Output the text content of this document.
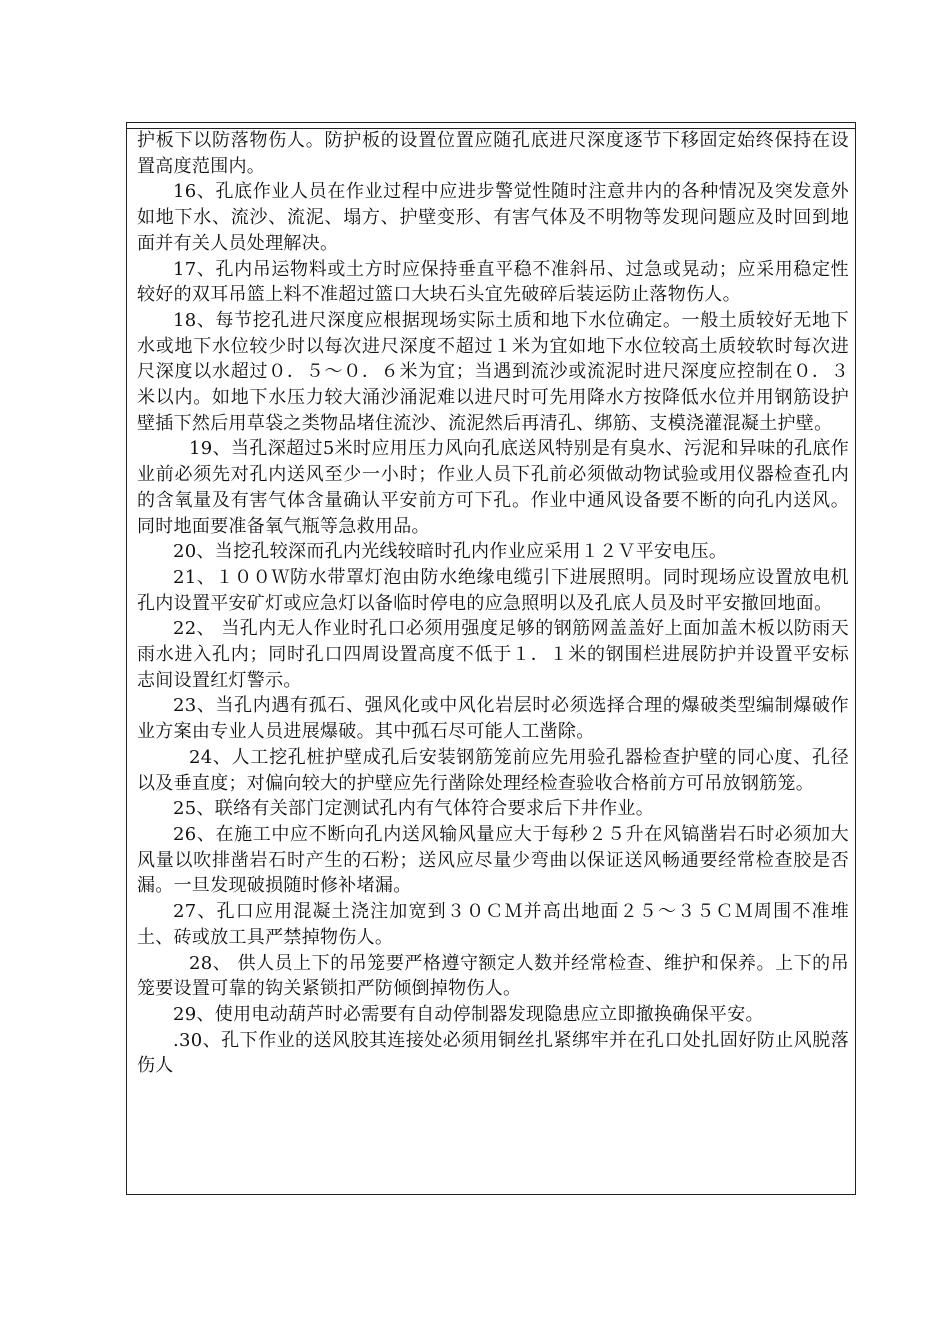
护板下以防落物伤人。防护板的设置位置应随孔底进尺深度逐节下移固定始终保持在设置高度范围内。

16、孔底作业人员在作业过程中应进步警觉性随时注意井内的各种情况及突发意外如地下水、流沙、流泥、塌方、护壁变形、有害气体及不明物等发现问题应及时回到地面并有关人员处理解决。

17、孔内吊运物料或土方时应保持垂直平稳不准斜吊、过急或晃动；应采用稳定性较好的双耳吊篮上料不准超过篮口大块石头宜先破碎后装运防止落物伤人。

18、每节挖孔进尺深度应根据现场实际土质和地下水位确定。一般土质较好无地下水或地下水位较少时以每次进尺深度不超过１米为宜如地下水位较高土质较软时每次进尺深度以水超过０．５～０．６米为宜；当遇到流沙或流泥时进尺深度应控制在０．３米以内。如地下水压力较大涌沙涌泥难以进尺时可先用降水方按降低水位并用钢筋设护壁插下然后用草袋之类物品堵住流沙、流泥然后再清孔、绑筋、支模浇灌混凝土护壁。

19、当孔深超过5米时应用压力风向孔底送风特别是有臭水、污泥和异味的孔底作业前必须先对孔内送风至少一小时；作业人员下孔前必须做动物试验或用仪器检查孔内的含氧量及有害气体含量确认平安前方可下孔。作业中通风设备要不断的向孔内送风。同时地面要准备氧气瓶等急救用品。

20、当挖孔较深而孔内光线较暗时孔内作业应采用１２Ｖ平安电压。

21、１００Ｗ防水带罩灯泡由防水绝缘电缆引下进展照明。同时现场应设置放电机孔内设置平安矿灯或应急灯以备临时停电的应急照明以及孔底人员及时平安撤回地面。

22、 当孔内无人作业时孔口必须用强度足够的钢筋网盖盖好上面加盖木板以防雨天雨水进入孔内；同时孔口四周设置高度不低于１．１米的钢围栏进展防护并设置平安标志间设置红灯警示。

23、当孔内遇有孤石、强风化或中风化岩层时必须选择合理的爆破类型编制爆破作业方案由专业人员进展爆破。其中孤石尽可能人工凿除。

24、人工挖孔桩护壁成孔后安装钢筋笼前应先用验孔器检查护壁的同心度、孔径以及垂直度；对偏向较大的护壁应先行凿除处理经检查验收合格前方可吊放钢筋笼。

25、联络有关部门定测试孔内有气体符合要求后下井作业。

26、在施工中应不断向孔内送风输风量应大于每秒２５升在风镐凿岩石时必须加大风量以吹排凿岩石时产生的石粉；送风应尽量少弯曲以保证送风畅通要经常检查胶是否漏。一旦发现破损随时修补堵漏。

27、孔口应用混凝土浇注加宽到３０ＣＭ并高出地面２５～３５ＣＭ周围不准堆土、砖或放工具严禁掉物伤人。

28、 供人员上下的吊笼要严格遵守额定人数并经常检查、维护和保养。上下的吊笼要设置可靠的钩关紧锁扣严防倾倒掉物伤人。

29、使用电动葫芦时必需要有自动停制器发现隐患应立即撤换确保平安。

.30、孔下作业的送风胶其连接处必须用铜丝扎紧绑牢并在孔口处扎固好防止风脱落伤人
